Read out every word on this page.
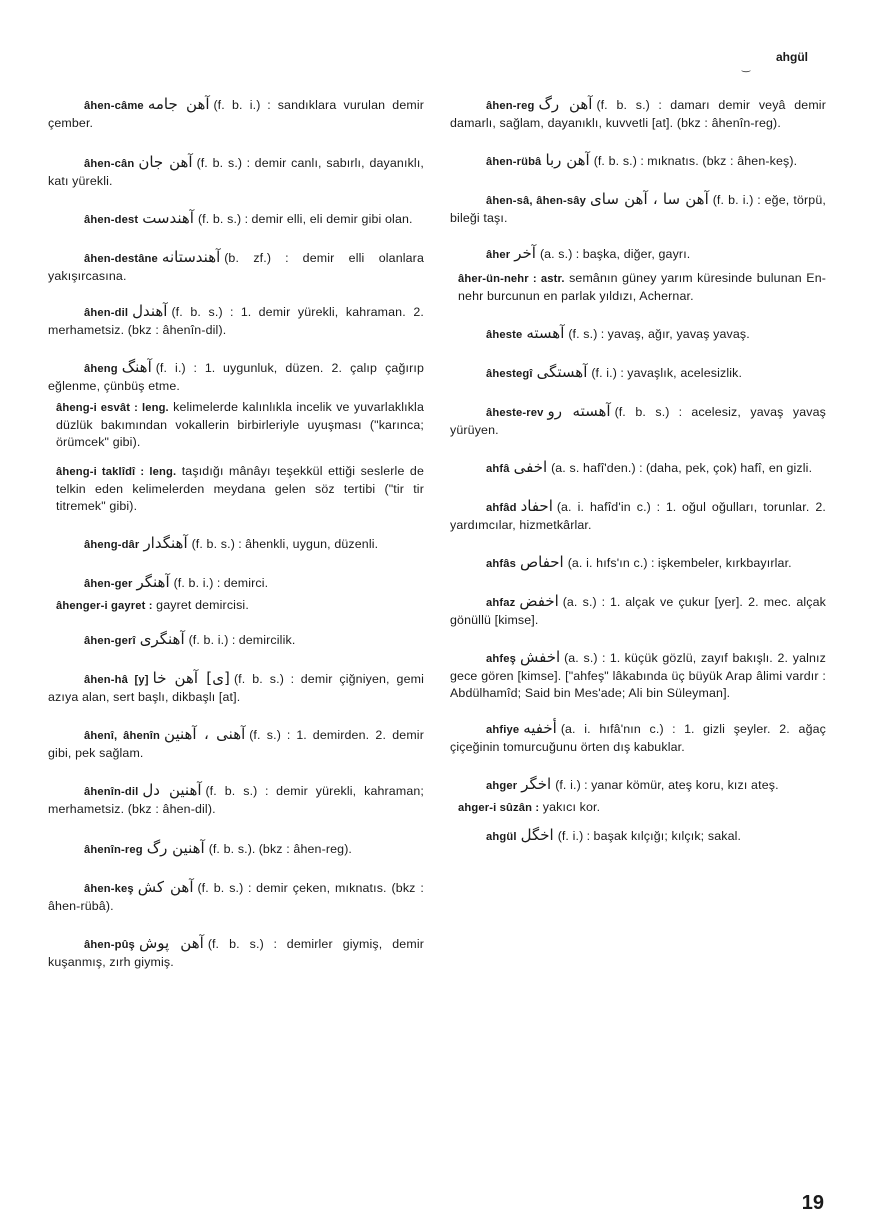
ahgül
‿
âhen-câme آهن جامه (f. b. i.) : sandıklara vurulan demir çember.
âhen-cân آهن جان (f. b. s.) : demir canlı, sabırlı, dayanıklı, katı yürekli.
âhen-dest آهندست (f. b. s.) : demir elli, eli demir gibi olan.
âhen-destâne آهندستانه (b. zf.) : demir elli olanlara yakışırcasına.
âhen-dil آهندل (f. b. s.) : 1. demir yürekli, kahraman. 2. merhametsiz. (bkz : âhenîn-dil).
âheng آهنگ (f. i.) : 1. uygunluk, düzen. 2. çalıp çağırıp eğlenme, çünbüş etme.
âheng-i esvât : leng. kelimelerde kalınlıkla incelik ve yuvarlaklıkla düzlük bakımından vokallerin birbirleriyle uyuşması ("karınca; örümcek" gibi).
âheng-i taklîdî : leng. taşıdığı mânâyı teşekkül ettiği seslerle de telkin eden kelimelerden meydana gelen söz tertibi ("tir tir titremek" gibi).
âheng-dâr آهنگدار (f. b. s.) : âhenkli, uygun, düzenli.
âhen-ger آهنگر (f. b. i.) : demirci.
âhenger-i gayret : gayret demircisi.
âhen-gerî آهنگری (f. b. i.) : demircilik.
âhen-hâ [y] [ی] آهن خا (f. b. s.) : demir çiğniyen, gemi azıya alan, sert başlı, dikbaşlı [at].
âhenî, âhenîn آهنی ، آهنین (f. s.) : 1. demirden. 2. demir gibi, pek sağlam.
âhenîn-dil آهنین دل (f. b. s.) : demir yürekli, kahraman; merhametsiz. (bkz : âhen-dil).
âhenîn-reg آهنین رگ (f. b. s.). (bkz : âhen-reg).
âhen-keş آهن کش (f. b. s.) : demir çeken, mıknatıs. (bkz : âhen-rübâ).
âhen-pûş آهن پوش (f. b. s.) : demirler giymiş, demir kuşanmış, zırh giymiş.
âhen-reg آهن رگ (f. b. s.) : damarı demir veyâ demir damarlı, sağlam, dayanıklı, kuvvetli [at]. (bkz : âhenîn-reg).
âhen-rübâ آهن ربا (f. b. s.) : mıknatıs. (bkz : âhen-keş).
âhen-sâ, âhen-sây آهن سا ، آهن سای (f. b. i.) : eğe, törpü, bileği taşı.
âher آخر (a. s.) : başka, diğer, gayrı.
âher-ün-nehr : astr. semânın güney yarım küresinde bulunan En-nehr burcunun en parlak yıldızı, Achernar.
âheste آهسته (f. s.) : yavaş, ağır, yavaş yavaş.
âhestegî آهستگی (f. i.) : yavaşlık, acelesizlik.
âheste-rev آهسته رو (f. b. s.) : acelesiz, yavaş yavaş yürüyen.
ahfâ اخفی (a. s. hafî'den.) : (daha, pek, çok) hafî, en gizli.
ahfâd احفاد (a. i. hafîd'in c.) : 1. oğul oğulları, torunlar. 2. yardımcılar, hizmetkârlar.
ahfâs احفاص (a. i. hıfs'ın c.) : işkembeler, kırkbayırlar.
ahfaz اخفض (a. s.) : 1. alçak ve çukur [yer]. 2. mec. alçak gönüllü [kimse].
ahfeş اخفش (a. s.) : 1. küçük gözlü, zayıf bakışlı. 2. yalnız gece gören [kimse]. ["ahfeş" lâkabında üç büyük Arap âlimi vardır : Abdülhamîd; Said bin Mes'ade; Ali bin Süleyman].
ahfiye أخفیه (a. i. hıfâ'nın c.) : 1. gizli şeyler. 2. ağaç çiçeğinin tomurcuğunu örten dış kabuklar.
ahger اخگر (f. i.) : yanar kömür, ateş koru, kızı ateş.
ahger-i sûzân : yakıcı kor.
ahgül اخگل (f. i.) : başak kılçığı; kılçık; sakal.
19
